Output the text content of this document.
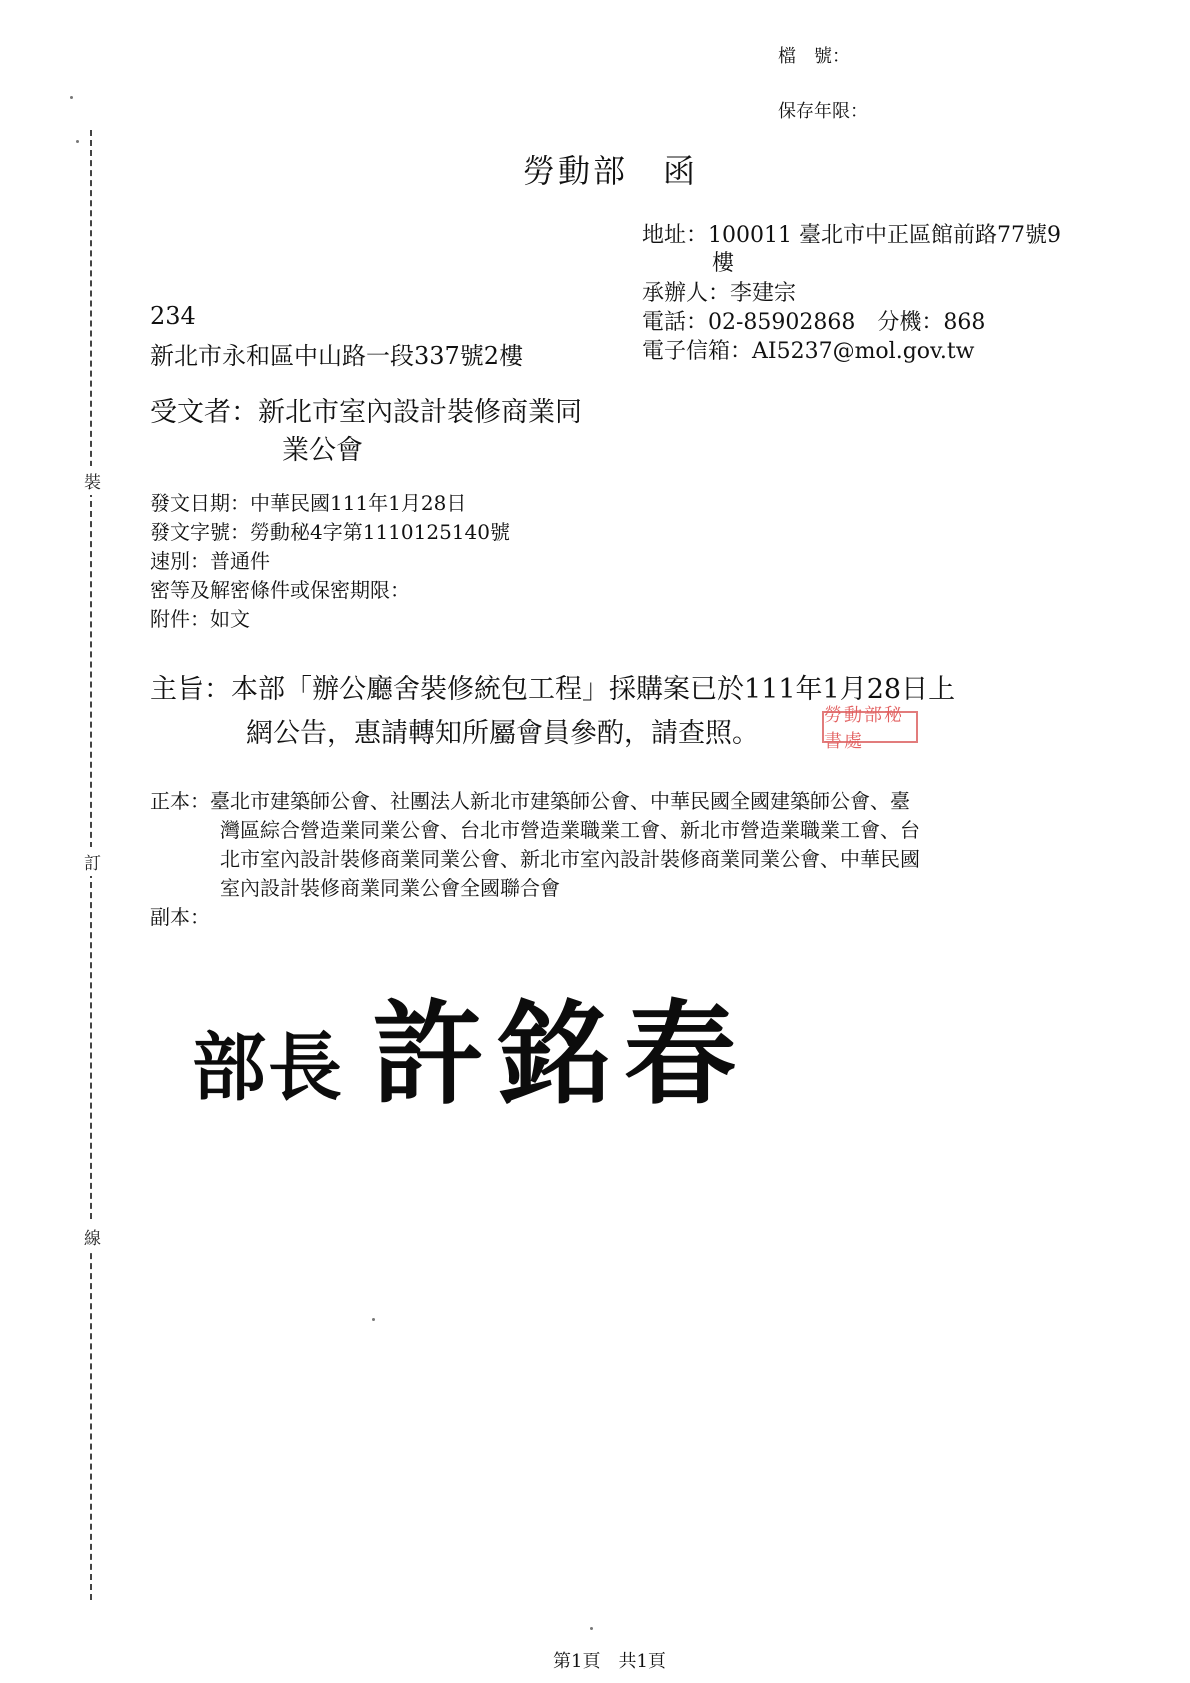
檔　號：
保存年限：
勞動部　函
地址：100011 臺北市中正區館前路77號9
樓
承辦人：李建宗
電話：02-85902868　分機：868
電子信箱：AI5237@mol.gov.tw
234
新北市永和區中山路一段337號2樓
受文者：新北市室內設計裝修商業同
業公會
發文日期：中華民國111年1月28日
發文字號：勞動秘4字第1110125140號
速別：普通件
密等及解密條件或保密期限：
附件：如文
主旨：本部「辦公廳舍裝修統包工程」採購案已於111年1月28日上
網公告，惠請轉知所屬會員參酌，請查照。
勞動部秘書處
正本：臺北市建築師公會、社團法人新北市建築師公會、中華民國全國建築師公會、臺
灣區綜合營造業同業公會、台北市營造業職業工會、新北市營造業職業工會、台
北市室內設計裝修商業同業公會、新北市室內設計裝修商業同業公會、中華民國
室內設計裝修商業同業公會全國聯合會
副本：
部長 許銘春
裝
訂
線
第1頁　共1頁
